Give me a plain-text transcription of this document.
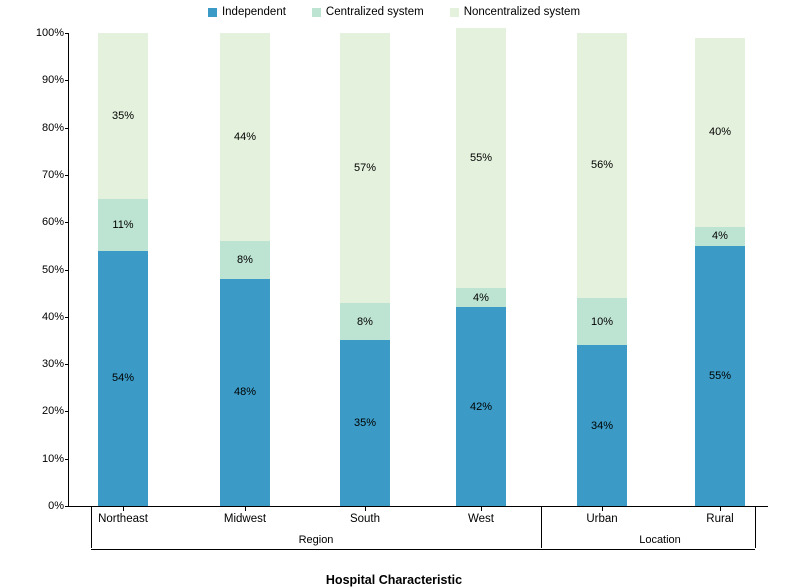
Independent	Centralized system	Noncentralized system
54%
11%
35%
48%
8%
44%
35%
8%
57%
42%
4%
55%
34%
10%
56%
55%
4%
40%
0%
10%
20%
30%
40%
50%
60%
70%
80%
90%
100%
Northeast	Midwest	South	West	Urban	Rural
Region	Location
Hospital Characteristic
